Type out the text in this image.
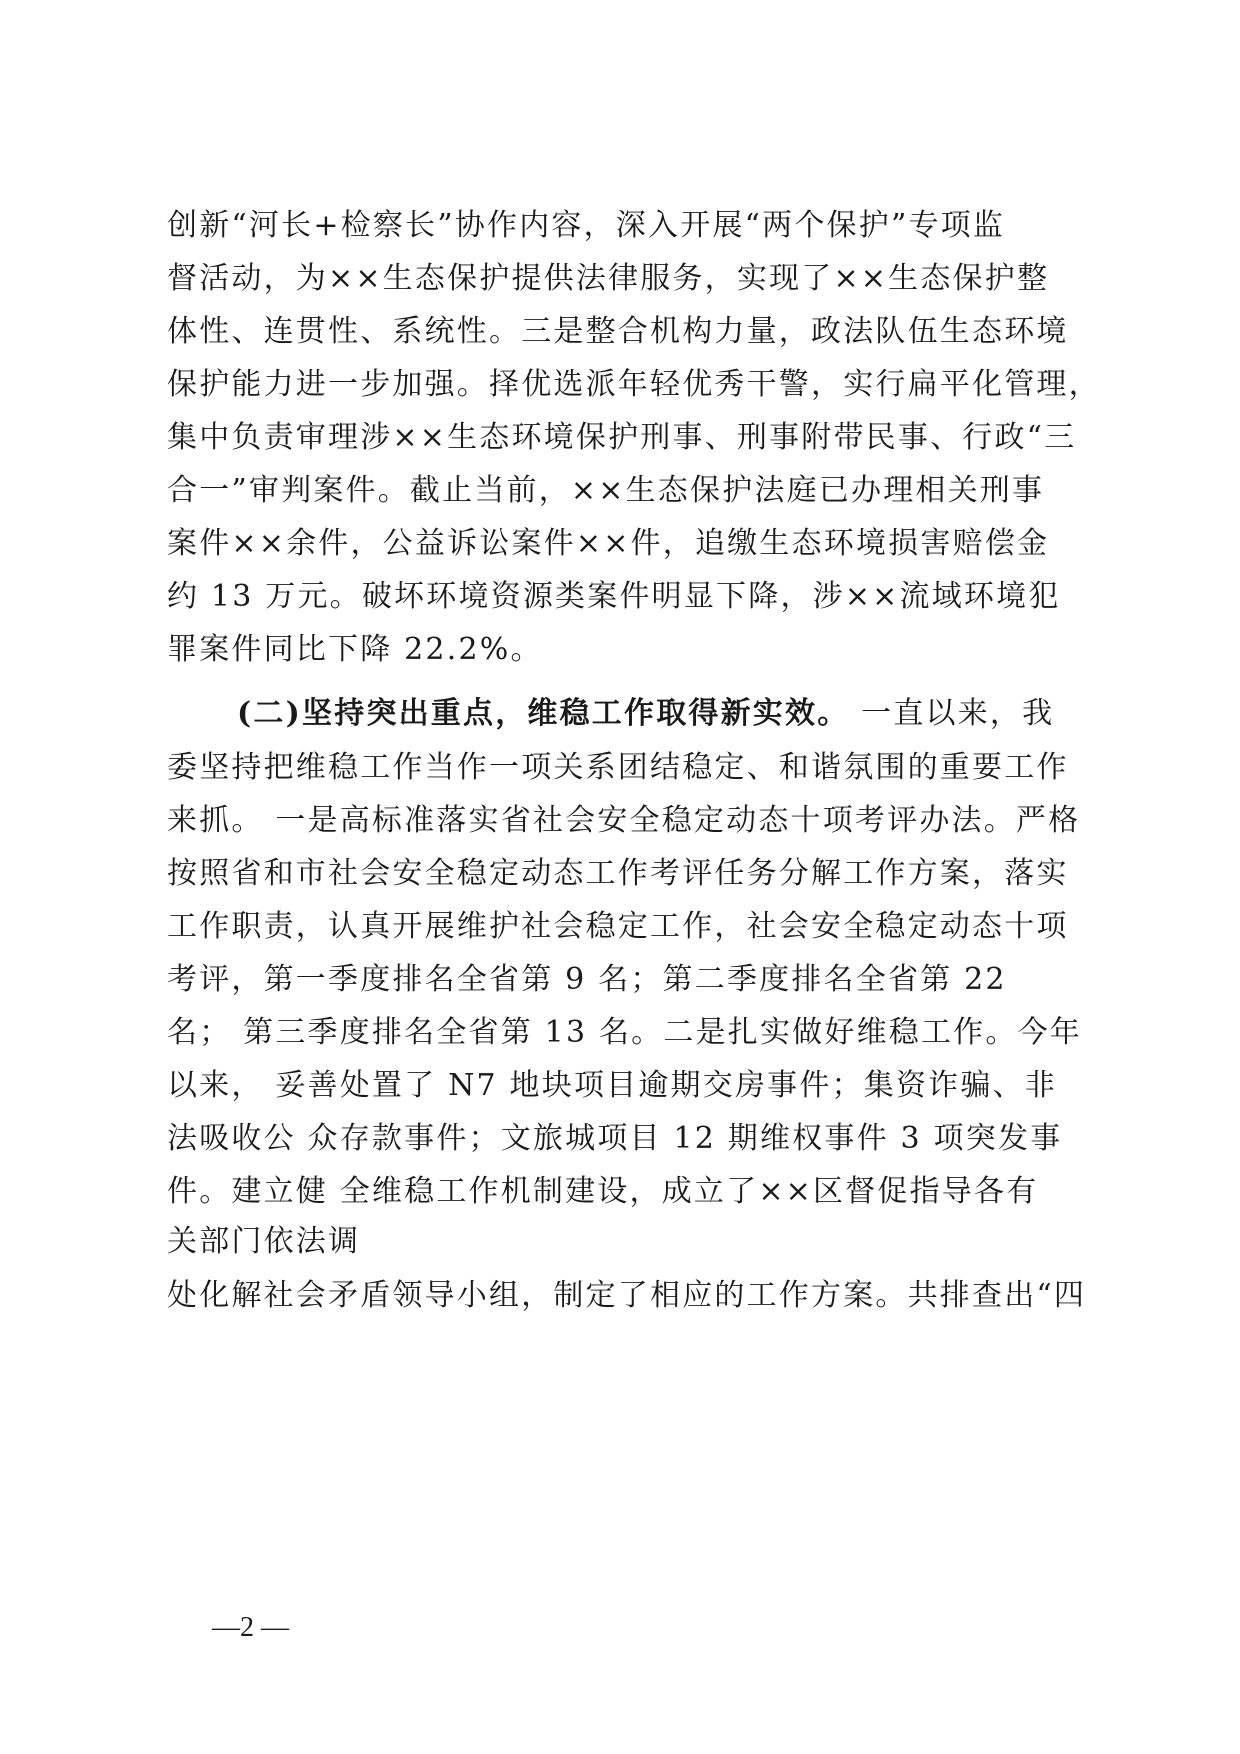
创新“河长+检察长”协作内容，深入开展“两个保护”专项监
督活动，为××生态保护提供法律服务，实现了××生态保护整
体性、连贯性、系统性。三是整合机构力量，政法队伍生态环境
保护能力进一步加强。择优选派年轻优秀干警，实行扁平化管理，
集中负责审理涉××生态环境保护刑事、刑事附带民事、行政“三
合一”审判案件。截止当前，××生态保护法庭已办理相关刑事
案件××余件，公益诉讼案件××件，追缴生态环境损害赔偿金
约 13 万元。破坏环境资源类案件明显下降，涉××流域环境犯
罪案件同比下降 22.2%。
(二)坚持突出重点，维稳工作取得新实效。 一直以来，我
委坚持把维稳工作当作一项关系团结稳定、和谐氛围的重要工作
来抓。 一是高标准落实省社会安全稳定动态十项考评办法。严格
按照省和市社会安全稳定动态工作考评任务分解工作方案，落实
工作职责，认真开展维护社会稳定工作，社会安全稳定动态十项
考评，第一季度排名全省第 9 名；第二季度排名全省第 22
名； 第三季度排名全省第 13 名。二是扎实做好维稳工作。今年
以来， 妥善处置了 N7 地块项目逾期交房事件；集资诈骗、非
法吸收公 众存款事件；文旅城项目 12 期维权事件 3 项突发事
件。建立健 全维稳工作机制建设，成立了××区督促指导各有
关部门依法调
处化解社会矛盾领导小组，制定了相应的工作方案。共排查出“四
—2 —
